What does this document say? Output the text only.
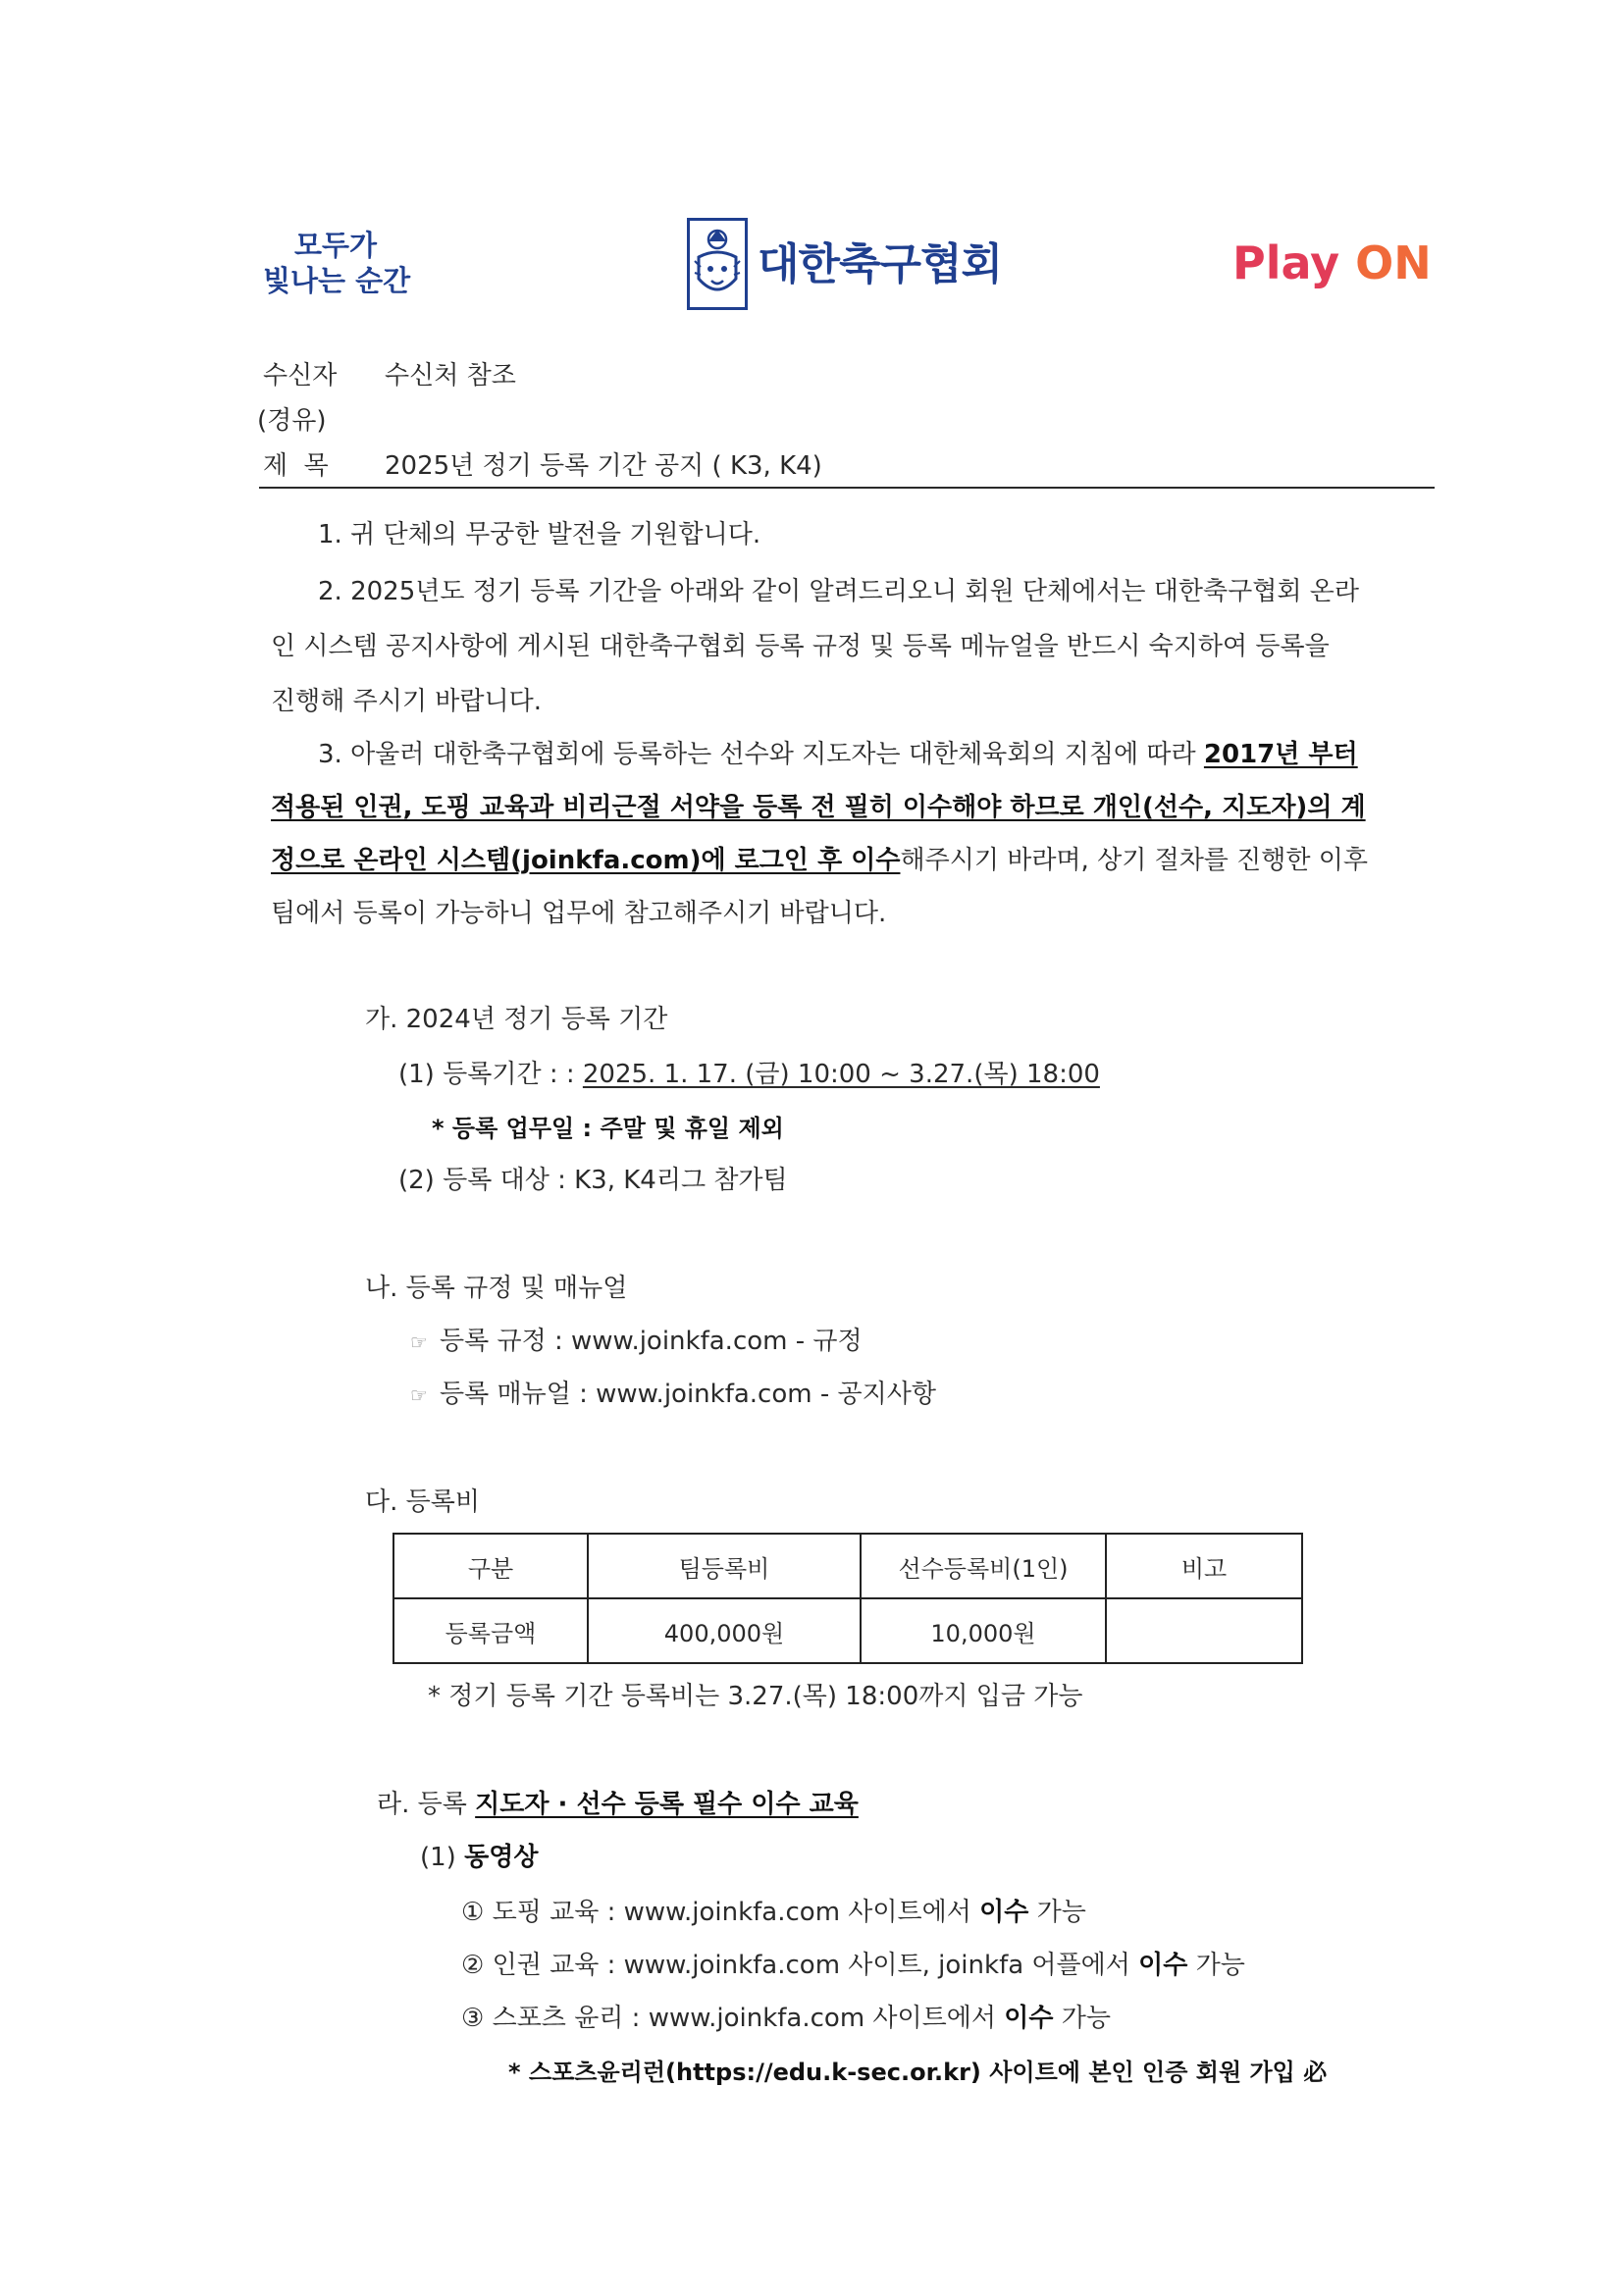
모두가
빛나는 순간	대한축구협회	Play ON
수신자 수신처 참조
(경유)
제  목 2025년 정기 등록 기간 공지 ( K3, K4)
1. 귀 단체의 무궁한 발전을 기원합니다.
2. 2025년도 정기 등록 기간을 아래와 같이 알려드리오니 회원 단체에서는 대한축구협회 온라
인 시스템 공지사항에 게시된 대한축구협회 등록 규정 및 등록 메뉴얼을 반드시 숙지하여 등록을
진행해 주시기 바랍니다.
3. 아울러 대한축구협회에 등록하는 선수와 지도자는 대한체육회의 지침에 따라 2017년 부터
적용된 인권, 도핑 교육과 비리근절 서약을 등록 전 필히 이수해야 하므로 개인(선수, 지도자)의 계
정으로 온라인 시스템(joinkfa.com)에 로그인 후 이수해주시기 바라며, 상기 절차를 진행한 이후
팀에서 등록이 가능하니 업무에 참고해주시기 바랍니다.
가. 2024년 정기 등록 기간
(1) 등록기간 : : 2025. 1. 17. (금) 10:00 ~ 3.27.(목) 18:00
* 등록 업무일 : 주말 및 휴일 제외
(2) 등록 대상 : K3, K4리그 참가팀
나. 등록 규정 및 매뉴얼
☞ 등록 규정 : www.joinkfa.com - 규정
☞ 등록 매뉴얼 : www.joinkfa.com - 공지사항
다. 등록비
구분	팀등록비	선수등록비(1인)	비고
등록금액	400,000원	10,000원	
* 정기 등록 기간 등록비는 3.27.(목) 18:00까지 입금 가능
라. 등록 지도자 · 선수 등록 필수 이수 교육
(1) 동영상
① 도핑 교육 : www.joinkfa.com 사이트에서 이수 가능
② 인권 교육 : www.joinkfa.com 사이트, joinkfa 어플에서 이수 가능
③ 스포츠 윤리 : www.joinkfa.com 사이트에서 이수 가능
* 스포츠윤리런(https://edu.k-sec.or.kr) 사이트에 본인 인증 회원 가입 必
